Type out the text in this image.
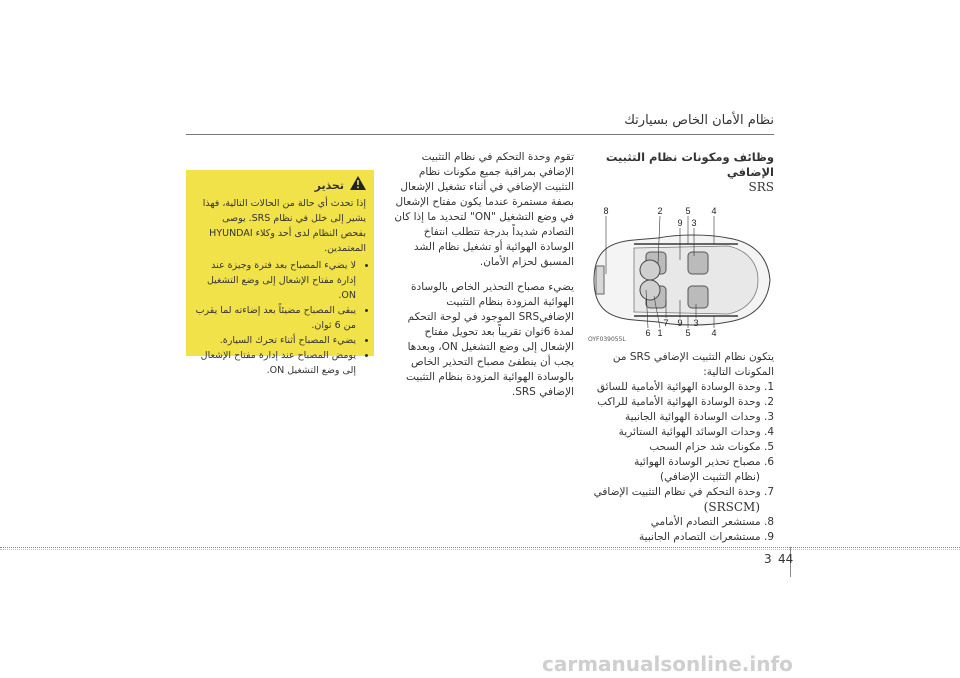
نظام الأمان الخاص بسيارتك

وظائف ومكونات نظام التثبيت الإضافي

SRS

8	2	5 4
9 3
7 9 3
6 1	5 4
OYF039055L

يتكون نظام التثبيت الإضافي SRS من المكونات التالية:

1. وحدة الوسادة الهوائية الأمامية للسائق
2. وحدة الوسادة الهوائية الأمامية للراكب
3. وحدات الوسادة الهوائية الجانبية
4. وحدات الوسائد الهوائية الستائرية
5. مكونات شد حزام السحب
6. مصباح تحذير الوسادة الهوائية
(نظام التثبيت الإضافي)
7. وحدة التحكم في نظام التثبيت الإضافي
(SRSCM)
8. مستشعر التصادم الأمامي
9. مستشعرات التصادم الجانبية

تقوم وحدة التحكم في نظام التثبيت الإضافي بمراقبة جميع مكونات نظام التثبيت الإضافي في أثناء تشغيل الإشعال بصفة مستمرة عندما يكون مفتاح الإشعال في وضع التشغيل "ON" لتحديد ما إذا كان التصادم شديداً بدرجة تتطلب انتفاخ الوسادة الهوائية أو تشغيل نظام الشد المسبق لحزام الأمان.

يضيء مصباح التحذير الخاص بالوسادة الهوائية المزودة بنظام التثبيت الإضافيSRS الموجود في لوحة التحكم لمدة 6ثوان تقريباً بعد تحويل مفتاح الإشعال إلى وضع التشغيل ON، وبعدها يجب أن ينطفئ مصباح التحذير الخاص بالوسادة الهوائية المزودة بنظام التثبيت الإضافي SRS.

تحذير

إذا تحدث أي حالة من الحالات التالية، فهذا يشير إلى خلل في نظام SRS. يوصى بفحص النظام لدى أحد وكلاء HYUNDAI المعتمدين.

• لا يضيء المصباح بعد فترة وجيزة عند إدارة مفتاح الإشعال إلى وضع التشغيل ON.
• يبقى المصباح مضيئاً بعد إضاءته لما يقرب من 6 ثوان.
• يضيء المصباح أثناء تحرك السيارة.
• يومض المصباح عند إدارة مفتاح الإشعال إلى وضع التشغيل ON.
3 44
carmanualsonline.info
